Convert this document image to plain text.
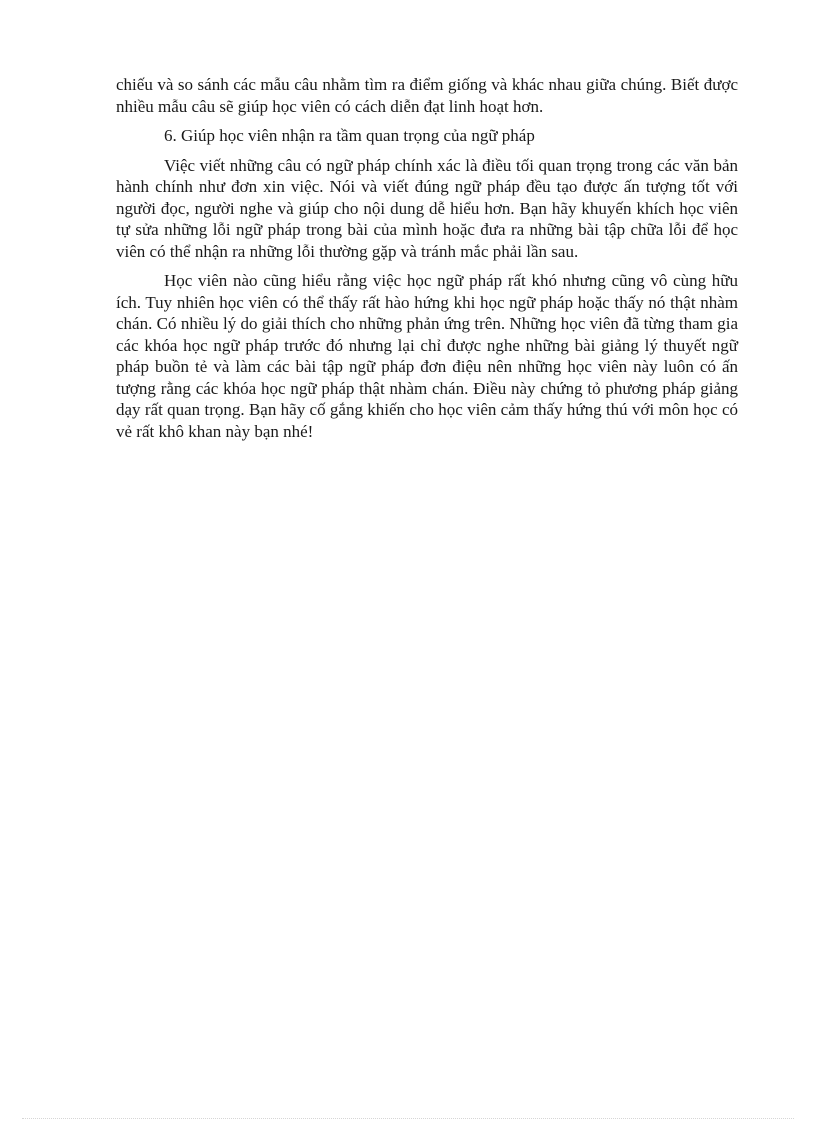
chiếu và so sánh các mẫu câu nhằm tìm ra điểm giống và khác nhau giữa chúng. Biết được nhiều mẫu câu sẽ giúp học viên có cách diễn đạt linh hoạt hơn.

6. Giúp học viên nhận ra tầm quan trọng của ngữ pháp

Việc viết những câu có ngữ pháp chính xác là điều tối quan trọng trong các văn bản hành chính như đơn xin việc. Nói và viết đúng ngữ pháp đều tạo được ấn tượng tốt với người đọc, người nghe và giúp cho nội dung dễ hiểu hơn. Bạn hãy khuyến khích học viên tự sửa những lỗi ngữ pháp trong bài của mình hoặc đưa ra những bài tập chữa lỗi để học viên có thể nhận ra những lỗi thường gặp và tránh mắc phải lần sau.

Học viên nào cũng hiểu rằng việc học ngữ pháp rất khó nhưng cũng vô cùng hữu ích. Tuy nhiên học viên có thể thấy rất hào hứng khi học ngữ pháp hoặc thấy nó thật nhàm chán. Có nhiều lý do giải thích cho những phản ứng trên. Những học viên đã từng tham gia các khóa học ngữ pháp trước đó nhưng lại chỉ được nghe những bài giảng lý thuyết ngữ pháp buồn tẻ và làm các bài tập ngữ pháp đơn điệu nên những học viên này luôn có ấn tượng rằng các khóa học ngữ pháp thật nhàm chán. Điều này chứng tỏ phương pháp giảng dạy rất quan trọng. Bạn hãy cố gắng khiến cho học viên cảm thấy hứng thú với môn học có vẻ rất khô khan này bạn nhé!
